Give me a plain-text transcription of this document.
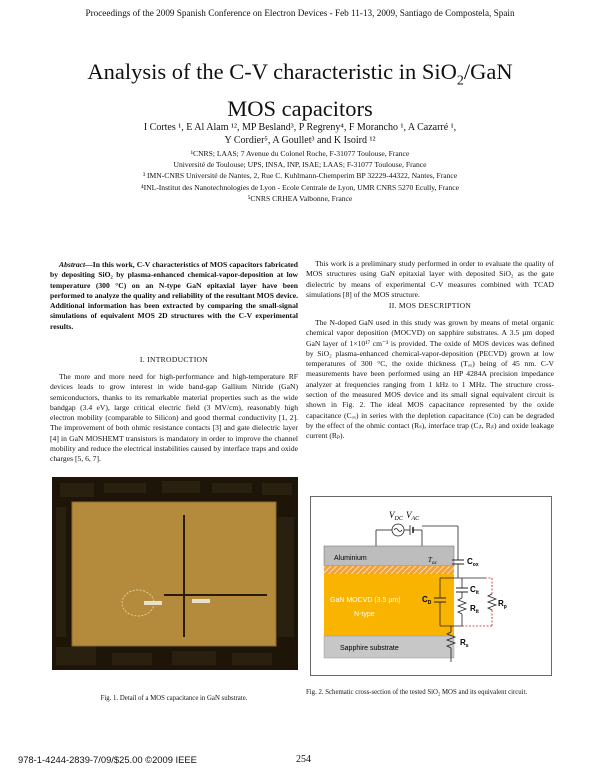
Proceedings of the 2009 Spanish Conference on Electron Devices - Feb 11-13, 2009, Santiago de Compostela, Spain
Analysis of the C-V characteristic in SiO$_2$/GaN
MOS capacitors
I Cortes ¹, E Al Alam ¹², MP Besland³, P Regreny⁴, F Morancho ¹, A Cazarré ¹,
Y Cordier⁵, A Goullet³ and K Isoird ¹²
¹CNRS; LAAS; 7 Avenue du Colonel Roche, F-31077 Toulouse, France
Université de Toulouse; UPS, INSA, INP, ISAE; LAAS; F-31077 Toulouse, France
³ IMN-CNRS Université de Nantes, 2, Rue C. Kuhlmann-Chemperim BP 32229-44322, Nantes, France
⁴INL-Institut des Nanotechnologies de Lyon - Ecole Centrale de Lyon, UMR CNRS 5270 Ecully, France
⁵CNRS CRHEA Valbonne, France

Abstract—In this work, C-V characteristics of MOS capacitors fabricated by depositing SiO₂ by plasma-enhanced chemical-vapor-deposition at low temperature (300 °C) on an N-type GaN epitaxial layer have been performed to analyze the quality and reliability of the resultant MOS device. Additional information has been extracted by comparing the small-signal simulations of equivalent MOS 2D structures with the C-V experimental results.

I. INTRODUCTION

The more and more need for high-performance and high-temperature RF devices leads to grow interest in wide band-gap Gallium Nitride (GaN) semiconductors, thanks to its remarkable material properties such as the wide bandgap (3.4 eV), large critical electric field (3 MV/cm), reasonably high electron mobility (comparable to Silicon) and good thermal conductivity [1, 2]. The improvement of both ohmic resistance contacts [3] and gate dielectric layer [4] in GaN MOSHEMT transistors is mandatory in order to improve the channel mobility and reduce the electrical instabilities caused by interface traps and oxide charges [5, 6, 7].

Fig. 1. Detail of a MOS capacitance in GaN substrate.

This work is a preliminary study performed in order to evaluate the quality of MOS structures using GaN epitaxial layer with deposited SiO₂ as the gate dielectric by means of experimental C-V measures combined with TCAD simulations [8] of the MOS structure.

II. MOS DESCRIPTION

The N-doped GaN used in this study was grown by means of metal organic chemical vapor deposition (MOCVD) on sapphire substrates. A 3.5 µm doped GaN layer of 1×10¹⁷ cm⁻³ is provided. The oxide of MOS devices was defined by SiO₂ plasma-enhanced chemical-vapor-deposition (PECVD) grown at low temperatures of 300 °C, the oxide thickness (Tₒₓ) being of 45 nm. C-V measurements have been performed using an HP 4284A precision impedance analyzer at frequencies ranging from 1 kHz to 1 MHz. The structure cross-section of the measured MOS device and its small signal equivalent circuit is shown in Fig. 2. The ideal MOS capacitance represented by the oxide capacitance (Cₒₓ) in series with the depletion capacitance (Cᴅ) can be degraded by the effect of the ohmic contact (Rₛ), interface trap (Cᵢₜ, Rᵢₜ) and oxide leakage current (Rₚ).

$V_{DC}$ $V_{AC}$
Aluminium	$T_{ox}$
GaN MOCVD (3.5 µm)
N-type
Sapphire substrate
$C_{ox}$
$C_D$
$C_{it}$
$R_{it}$
$R_p$
$R_s$
Fig. 2. Schematic cross-section of the tested SiO₂ MOS and its equivalent circuit.
978-1-4244-2839-7/09/$25.00 ©2009 IEEE	254
